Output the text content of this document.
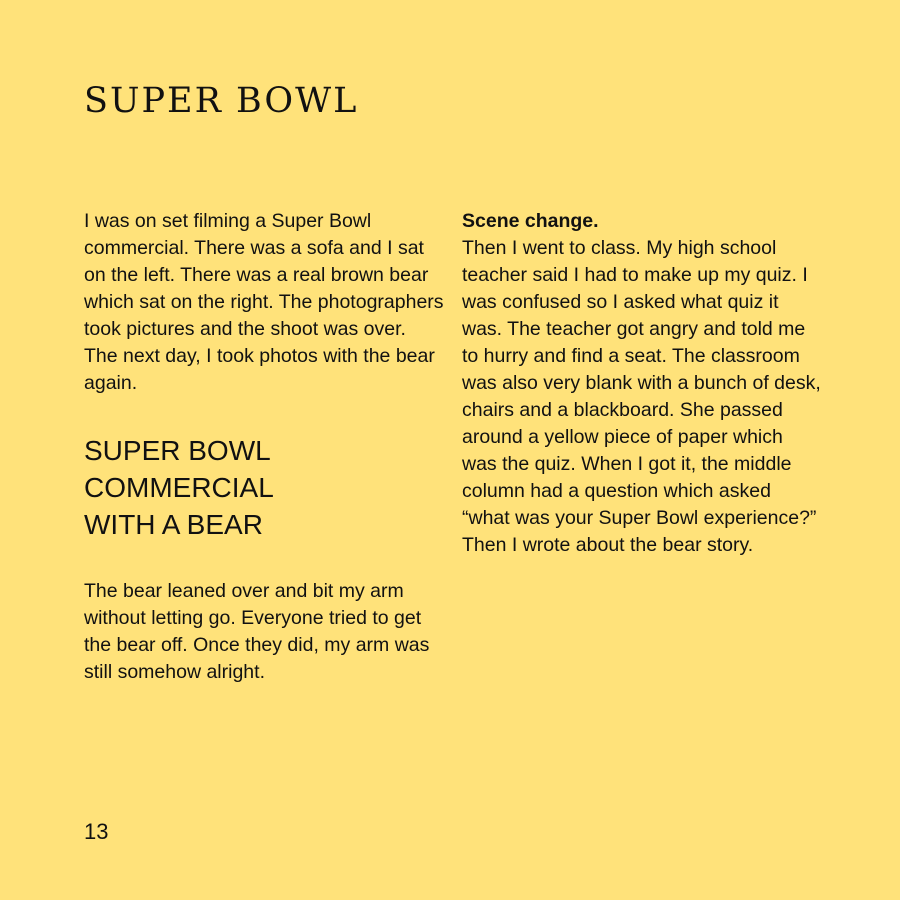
SUPER BOWL

I was on set filming a Super Bowl commercial. There was a sofa and I sat on the left. There was a real brown bear which sat on the right. The photographers took pictures and the shoot was over. The next day, I took photos with the bear again.

SUPER BOWL
COMMERCIAL
WITH A BEAR

The bear leaned over and bit my arm without letting go. Everyone tried to get the bear off. Once they did, my arm was still somehow alright.

Scene change.

Then I went to class. My high school teacher said I had to make up my quiz. I was confused so I asked what quiz it was. The teacher got angry and told me to hurry and find a seat. The classroom was also very blank with a bunch of desk, chairs and a blackboard. She passed around a yellow piece of paper which was the quiz. When I got it, the middle column had a question which asked “what was your Super Bowl experience?” Then I wrote about the bear story.

13
